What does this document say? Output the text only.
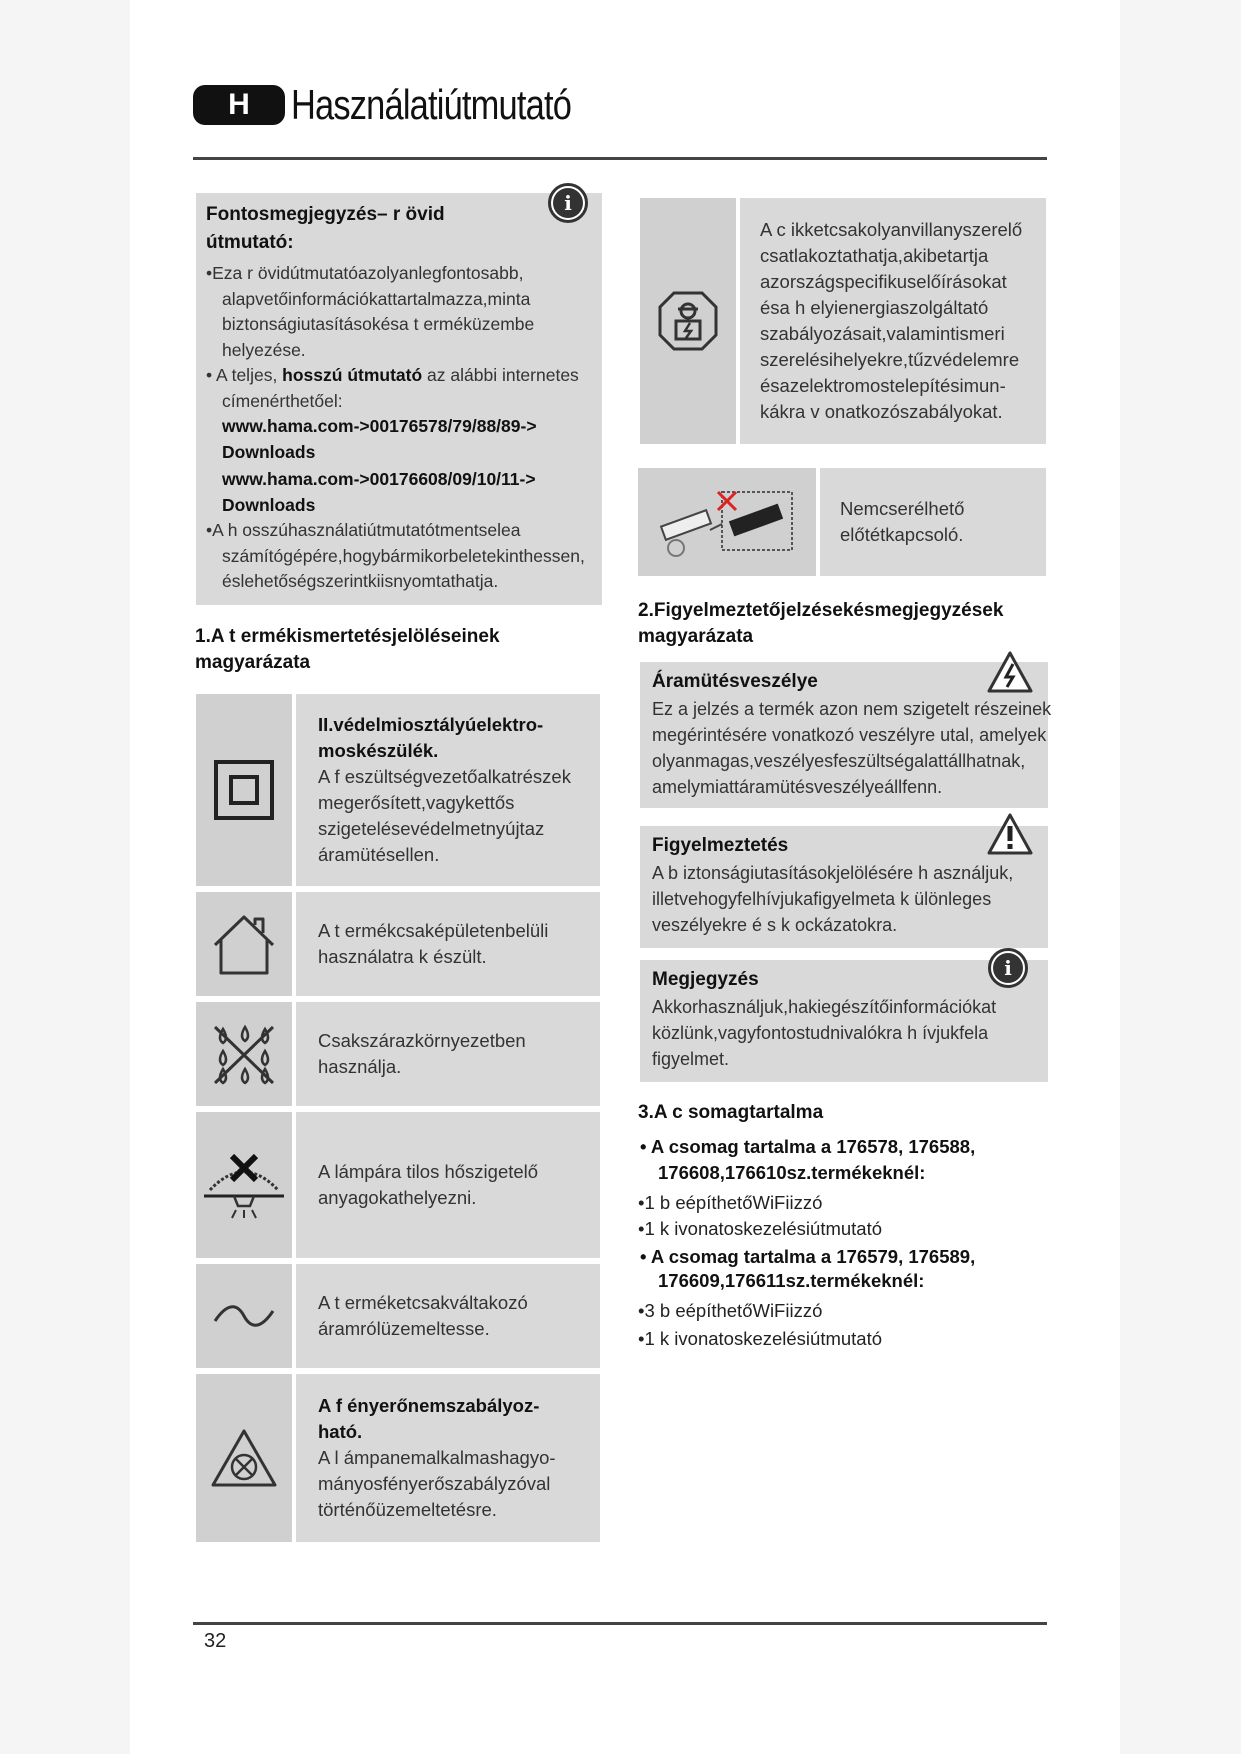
H Használatiútmutató
Fontosmegjegyzés– r övid
útmutató:
•Eza r övidútmutatóazolyanlegfontosabb,
alapvetőinformációkattartalmazza,minta
biztonságiutasításokésa t erméküzembe
helyezése.
• A teljes, hosszú útmutató az alábbi internetes
címenérthetőel:
www.hama.com->00176578/79/88/89->
Downloads
www.hama.com->00176608/09/10/11->
Downloads
•A h osszúhasználatiútmutatótmentselea
számítógépére,hogybármikorbeletekinthessen,
éslehetőségszerintkiisnyomtathatja.
i
1.A t ermékismertetésjelöléseinek
magyarázata
II.védelmiosztályúelektro-
moskészülék.
A f eszültségvezetőalkatrészek
megerősített,vagykettős
szigetelésevédelmetnyújtaz
áramütésellen.
A t ermékcsaképületenbelüli
használatra k észült.
Csakszárazkörnyezetben
használja.
A lámpára tilos hőszigetelő
anyagokathelyezni.
A t erméketcsakváltakozó
áramrólüzemeltesse.
A f ényerőnemszabályoz-
ható.
A l ámpanemalkalmashagyo-
mányosfényerőszabályzóval
történőüzemeltetésre.
A c ikketcsakolyanvillanyszerelő
csatlakoztathatja,akibetartja
azországspecifikuselőírásokat
ésa h elyienergiaszolgáltató
szabályozásait,valamintismeri
szerelésihelyekre,tűzvédelemre
ésazelektromostelepítésimun-
kákra v onatkozószabályokat.
Nemcserélhető
előtétkapcsoló.
2.Figyelmeztetőjelzésekésmegjegyzések
magyarázata
Áramütésveszélye
Ez a jelzés a termék azon nem szigetelt részeinek
megérintésére vonatkozó veszélyre utal, amelyek
olyanmagas,veszélyesfeszültségalattállhatnak,
amelymiattáramütésveszélyeállfenn.
Figyelmeztetés
A b iztonságiutasításokjelölésére h asználjuk,
illetvehogyfelhívjukafigyelmeta k ülönleges
veszélyekre é s k ockázatokra.
Megjegyzés
Akkorhasználjuk,hakiegészítőinformációkat
közlünk,vagyfontostudnivalókra h ívjukfela
figyelmet.
i
3.A c somagtartalma
• A csomag tartalma a 176578, 176588,
176608,176610sz.termékeknél:
•1 b eépíthetőWiFiizzó
•1 k ivonatoskezelésiútmutató
• A csomag tartalma a 176579, 176589,
176609,176611sz.termékeknél:
•3 b eépíthetőWiFiizzó
•1 k ivonatoskezelésiútmutató
32
